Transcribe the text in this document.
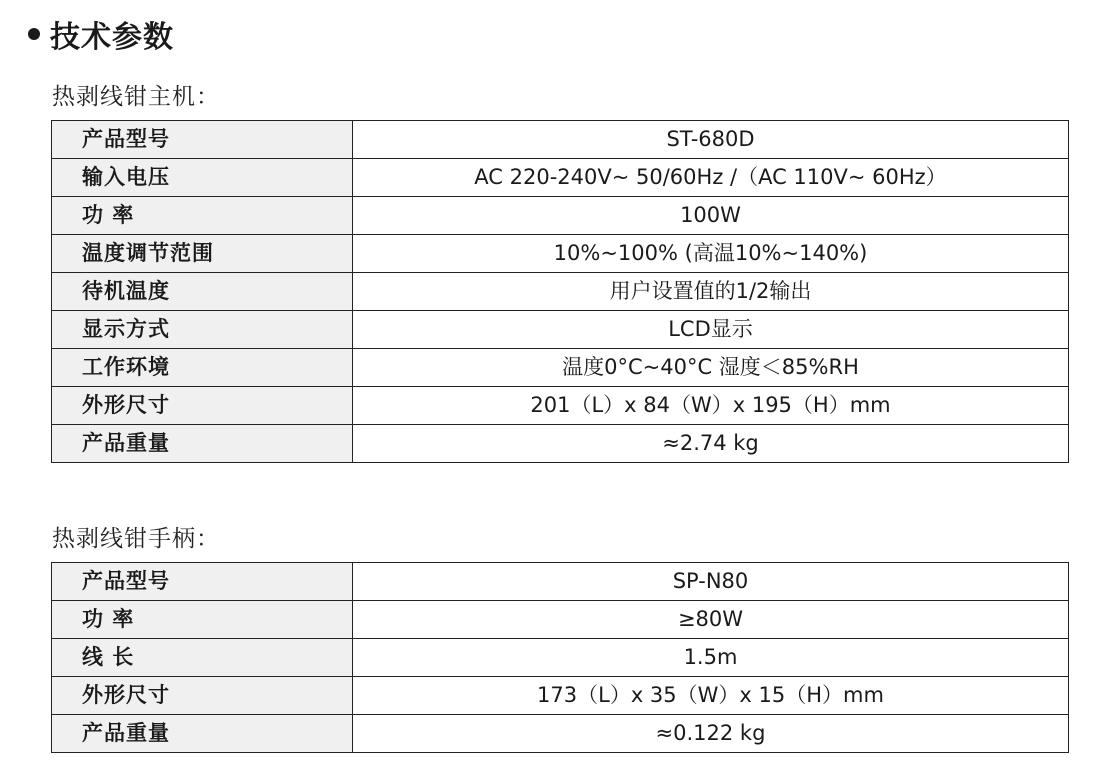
技术参数
热剥线钳主机：
产品型号	ST-680D
输入电压	AC 220-240V~ 50/60Hz /（AC 110V~ 60Hz）
功 率	100W
温度调节范围	10%~100% (高温10%~140%)
待机温度	用户设置值的1/2输出
显示方式	LCD显示
工作环境	温度0°C~40°C 湿度＜85%RH
外形尺寸	201（L）x 84（W）x 195（H）mm
产品重量	≈2.74 kg
热剥线钳手柄：
产品型号	SP-N80
功 率	≥80W
线 长	1.5m
外形尺寸	173（L）x 35（W）x 15（H）mm
产品重量	≈0.122 kg
